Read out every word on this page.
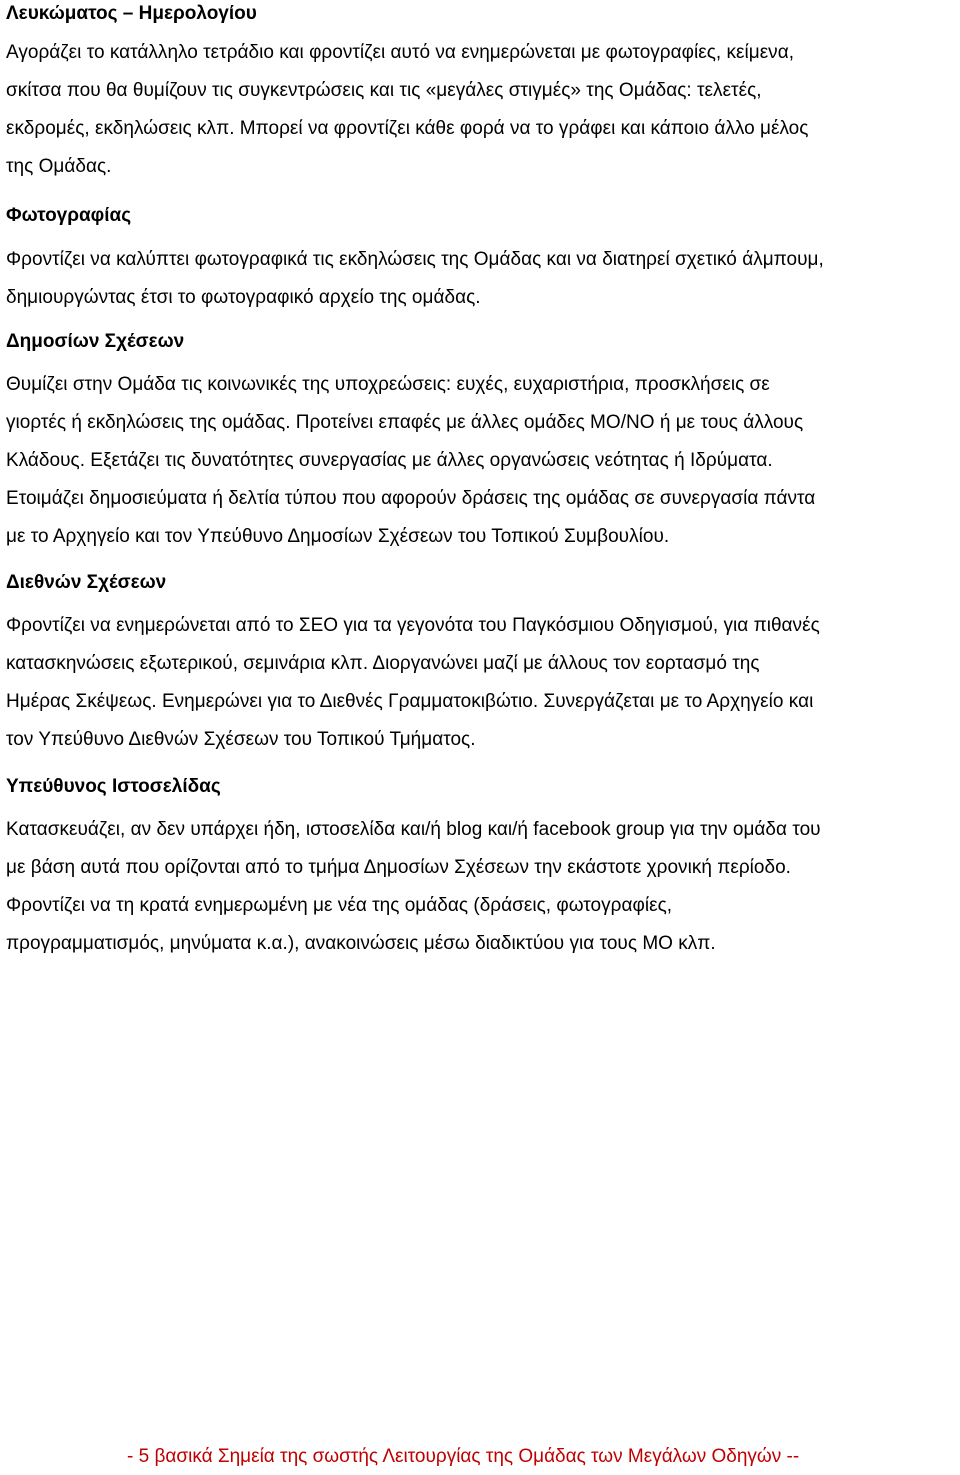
Λευκώματος – Ημερολογίου
Αγοράζει το κατάλληλο τετράδιο και φροντίζει αυτό να ενημερώνεται με φωτογραφίες, κείμενα,
σκίτσα που θα θυμίζουν τις συγκεντρώσεις και τις «μεγάλες στιγμές» της Ομάδας: τελετές,
εκδρομές, εκδηλώσεις κλπ. Μπορεί να φροντίζει κάθε φορά να το γράφει και κάποιο άλλο μέλος
της Ομάδας.
Φωτογραφίας
Φροντίζει να καλύπτει φωτογραφικά τις εκδηλώσεις της Ομάδας και να διατηρεί σχετικό άλμπουμ,
δημιουργώντας έτσι το φωτογραφικό αρχείο της ομάδας.
Δημοσίων Σχέσεων
Θυμίζει στην Ομάδα τις κοινωνικές της υποχρεώσεις: ευχές, ευχαριστήρια, προσκλήσεις σε
γιορτές ή εκδηλώσεις της ομάδας. Προτείνει επαφές με άλλες ομάδες ΜΟ/ΝΟ ή με τους άλλους
Κλάδους. Εξετάζει τις δυνατότητες συνεργασίας με άλλες οργανώσεις νεότητας ή Ιδρύματα.
Ετοιμάζει δημοσιεύματα ή δελτία τύπου που αφορούν δράσεις της ομάδας σε συνεργασία πάντα
με το Αρχηγείο και τον Υπεύθυνο Δημοσίων Σχέσεων του Τοπικού Συμβουλίου.
Διεθνών Σχέσεων
Φροντίζει να ενημερώνεται από το ΣΕΟ για τα γεγονότα του Παγκόσμιου Οδηγισμού, για πιθανές
κατασκηνώσεις εξωτερικού, σεμινάρια κλπ. Διοργανώνει μαζί με άλλους τον εορτασμό της
Ημέρας Σκέψεως. Ενημερώνει για το Διεθνές Γραμματοκιβώτιο. Συνεργάζεται με το Αρχηγείο και
τον Υπεύθυνο Διεθνών Σχέσεων του Τοπικού Τμήματος.
Υπεύθυνος Ιστοσελίδας
Κατασκευάζει, αν δεν υπάρχει ήδη, ιστοσελίδα και/ή blog και/ή facebook group για την ομάδα του
με βάση αυτά που ορίζονται από το τμήμα Δημοσίων Σχέσεων την εκάστοτε χρονική περίοδο.
Φροντίζει να τη κρατά ενημερωμένη με νέα της ομάδας (δράσεις, φωτογραφίες,
προγραμματισμός, μηνύματα κ.α.), ανακοινώσεις μέσω διαδικτύου για τους ΜΟ κλπ.
- 5 βασικά Σημεία της σωστής Λειτουργίας της Ομάδας των Μεγάλων Οδηγών --
